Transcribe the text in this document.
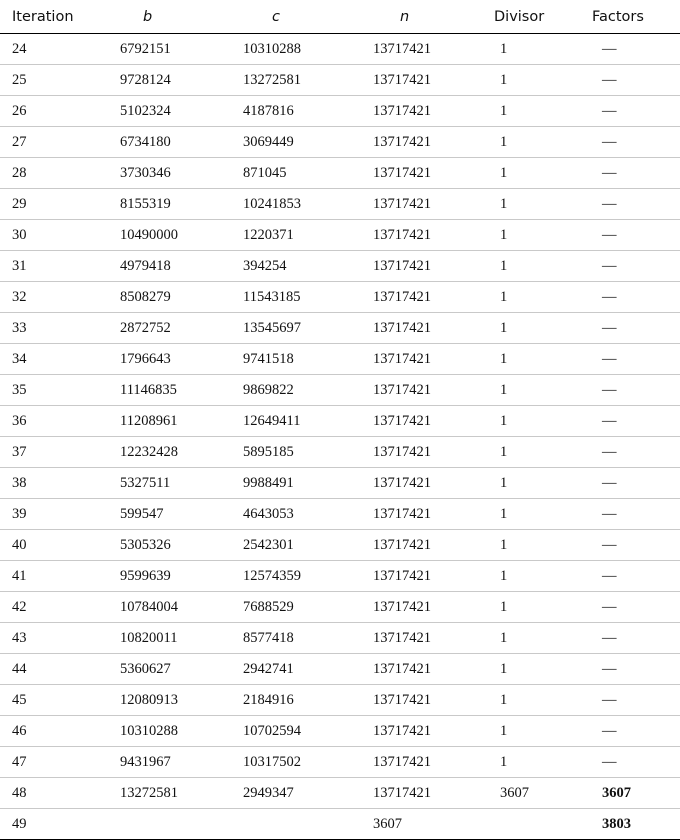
Iteration	b	c	n	Divisor	Factors
24	6792151	10310288	13717421	1	—
25	9728124	13272581	13717421	1	—
26	5102324	4187816	13717421	1	—
27	6734180	3069449	13717421	1	—
28	3730346	871045	13717421	1	—
29	8155319	10241853	13717421	1	—
30	10490000	1220371	13717421	1	—
31	4979418	394254	13717421	1	—
32	8508279	11543185	13717421	1	—
33	2872752	13545697	13717421	1	—
34	1796643	9741518	13717421	1	—
35	11146835	9869822	13717421	1	—
36	11208961	12649411	13717421	1	—
37	12232428	5895185	13717421	1	—
38	5327511	9988491	13717421	1	—
39	599547	4643053	13717421	1	—
40	5305326	2542301	13717421	1	—
41	9599639	12574359	13717421	1	—
42	10784004	7688529	13717421	1	—
43	10820011	8577418	13717421	1	—
44	5360627	2942741	13717421	1	—
45	12080913	2184916	13717421	1	—
46	10310288	10702594	13717421	1	—
47	9431967	10317502	13717421	1	—
48	13272581	2949347	13717421	3607	3607
49			3607		3803
